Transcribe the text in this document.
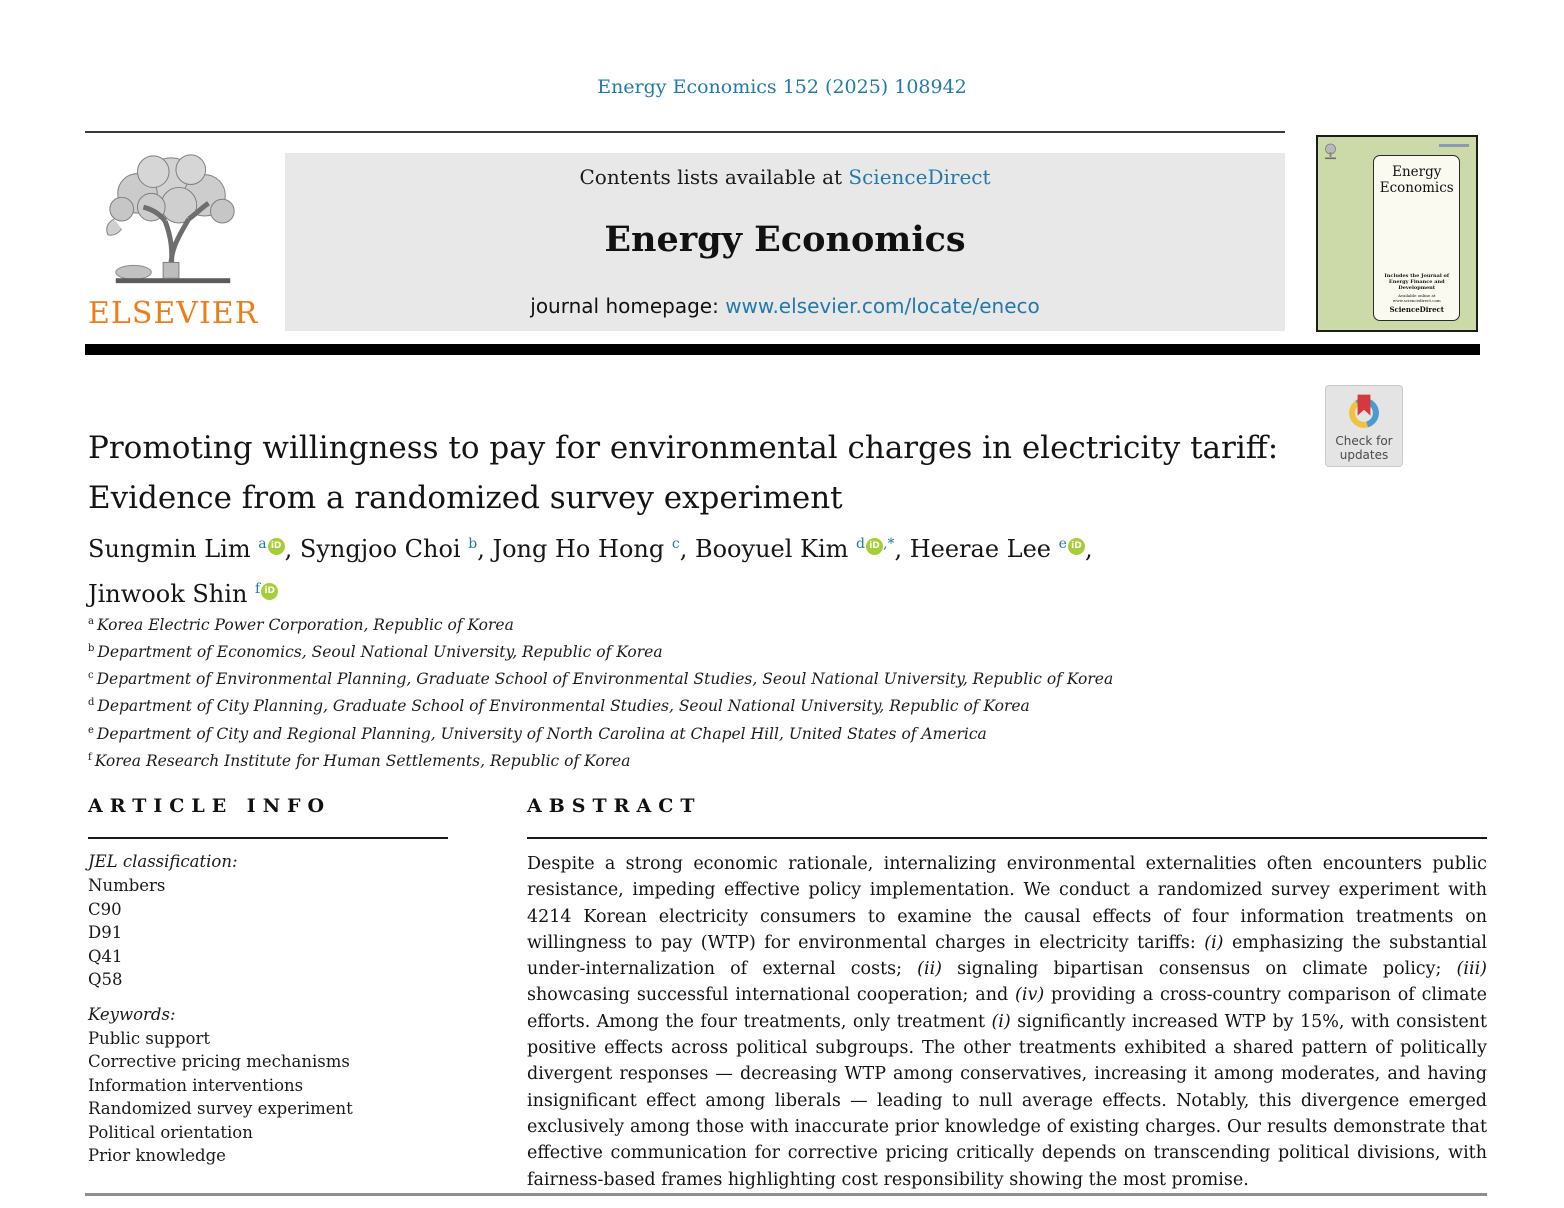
Energy Economics 152 (2025) 108942
ELSEVIER
Contents lists available at ScienceDirect
Energy Economics
journal homepage: www.elsevier.com/locate/eneco
Energy
Economics
Includes the Journal of
Energy Finance and Development
Available online at www.sciencedirect.com
ScienceDirect
Check for
updates
Promoting willingness to pay for environmental charges in electricity tariff:
Evidence from a randomized survey experiment
Sungmin Lim $^a$ iD , Syngjoo Choi $^b$, Jong Ho Hong $^c$, Booyuel Kim $^d$ iD ,*, Heerae Lee $^e$ iD ,
Jinwook Shin $^f$ iD
$^a$ Korea Electric Power Corporation, Republic of Korea
$^b$ Department of Economics, Seoul National University, Republic of Korea
$^c$ Department of Environmental Planning, Graduate School of Environmental Studies, Seoul National University, Republic of Korea
$^d$ Department of City Planning, Graduate School of Environmental Studies, Seoul National University, Republic of Korea
$^e$ Department of City and Regional Planning, University of North Carolina at Chapel Hill, United States of America
$^f$ Korea Research Institute for Human Settlements, Republic of Korea
ARTICLE INFO
JEL classification:
Numbers
C90
D91
Q41
Q58
Keywords:
Public support
Corrective pricing mechanisms
Information interventions
Randomized survey experiment
Political orientation
Prior knowledge
ABSTRACT
Despite a strong economic rationale, internalizing environmental externalities often encounters public resistance, impeding effective policy implementation. We conduct a randomized survey experiment with 4214 Korean electricity consumers to examine the causal effects of four information treatments on willingness to pay (WTP) for environmental charges in electricity tariffs: (i) emphasizing the substantial under-internalization of external costs; (ii) signaling bipartisan consensus on climate policy; (iii) showcasing successful international cooperation; and (iv) providing a cross-country comparison of climate efforts. Among the four treatments, only treatment (i) significantly increased WTP by 15%, with consistent positive effects across political subgroups. The other treatments exhibited a shared pattern of politically divergent responses — decreasing WTP among conservatives, increasing it among moderates, and having insignificant effect among liberals — leading to null average effects. Notably, this divergence emerged exclusively among those with inaccurate prior knowledge of existing charges. Our results demonstrate that effective communication for corrective pricing critically depends on transcending political divisions, with fairness-based frames highlighting cost responsibility showing the most promise.
